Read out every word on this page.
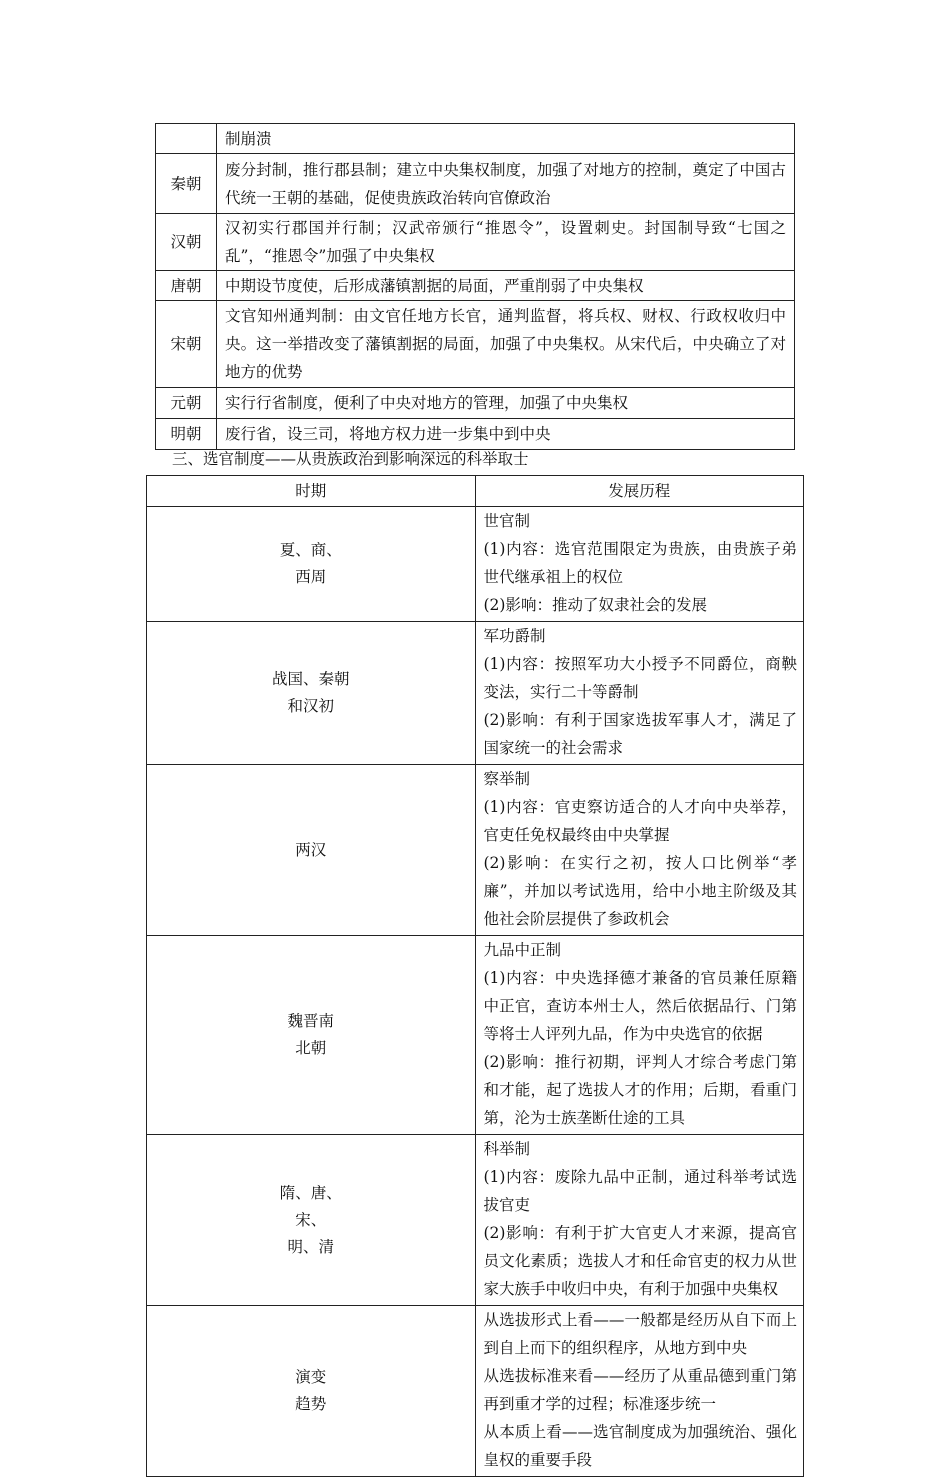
	制崩溃
秦朝	废分封制，推行郡县制；建立中央集权制度，加强了对地方的控制，奠定了中国古代统一王朝的基础，促使贵族政治转向官僚政治
汉朝	汉初实行郡国并行制；汉武帝颁行“推恩令”，设置刺史。封国制导致“七国之乱”，“推恩令”加强了中央集权
唐朝	中期设节度使，后形成藩镇割据的局面，严重削弱了中央集权
宋朝	文官知州通判制：由文官任地方长官，通判监督，将兵权、财权、行政权收归中央。这一举措改变了藩镇割据的局面，加强了中央集权。从宋代后，中央确立了对地方的优势
元朝	实行行省制度，便利了中央对地方的管理，加强了中央集权
明朝	废行省，设三司，将地方权力进一步集中到中央
三、选官制度——从贵族政治到影响深远的科举取士
时期	发展历程

夏、商、
西周	世官制
(1)内容：选官范围限定为贵族，由贵族子弟世代继承祖上的权位
(2)影响：推动了奴隶社会的发展

战国、秦朝
和汉初	军功爵制
(1)内容：按照军功大小授予不同爵位，商鞅变法，实行二十等爵制
(2)影响：有利于国家选拔军事人才，满足了国家统一的社会需求

两汉	察举制
(1)内容：官吏察访适合的人才向中央举荐，官吏任免权最终由中央掌握
(2)影响：在实行之初，按人口比例举“孝廉”，并加以考试选用，给中小地主阶级及其他社会阶层提供了参政机会

魏晋南
北朝	九品中正制
(1)内容：中央选择德才兼备的官员兼任原籍中正官，查访本州士人，然后依据品行、门第等将士人评列九品，作为中央选官的依据
(2)影响：推行初期，评判人才综合考虑门第和才能，起了选拔人才的作用；后期，看重门第，沦为士族垄断仕途的工具

隋、唐、
宋、
明、清	科举制
(1)内容：废除九品中正制，通过科举考试选拔官吏
(2)影响：有利于扩大官吏人才来源，提高官员文化素质；选拔人才和任命官吏的权力从世家大族手中收归中央，有利于加强中央集权

演变
趋势	从选拔形式上看——一般都是经历从自下而上到自上而下的组织程序，从地方到中央
从选拔标准来看——经历了从重品德到重门第再到重才学的过程；标准逐步统一
从本质上看——选官制度成为加强统治、强化皇权的重要手段
